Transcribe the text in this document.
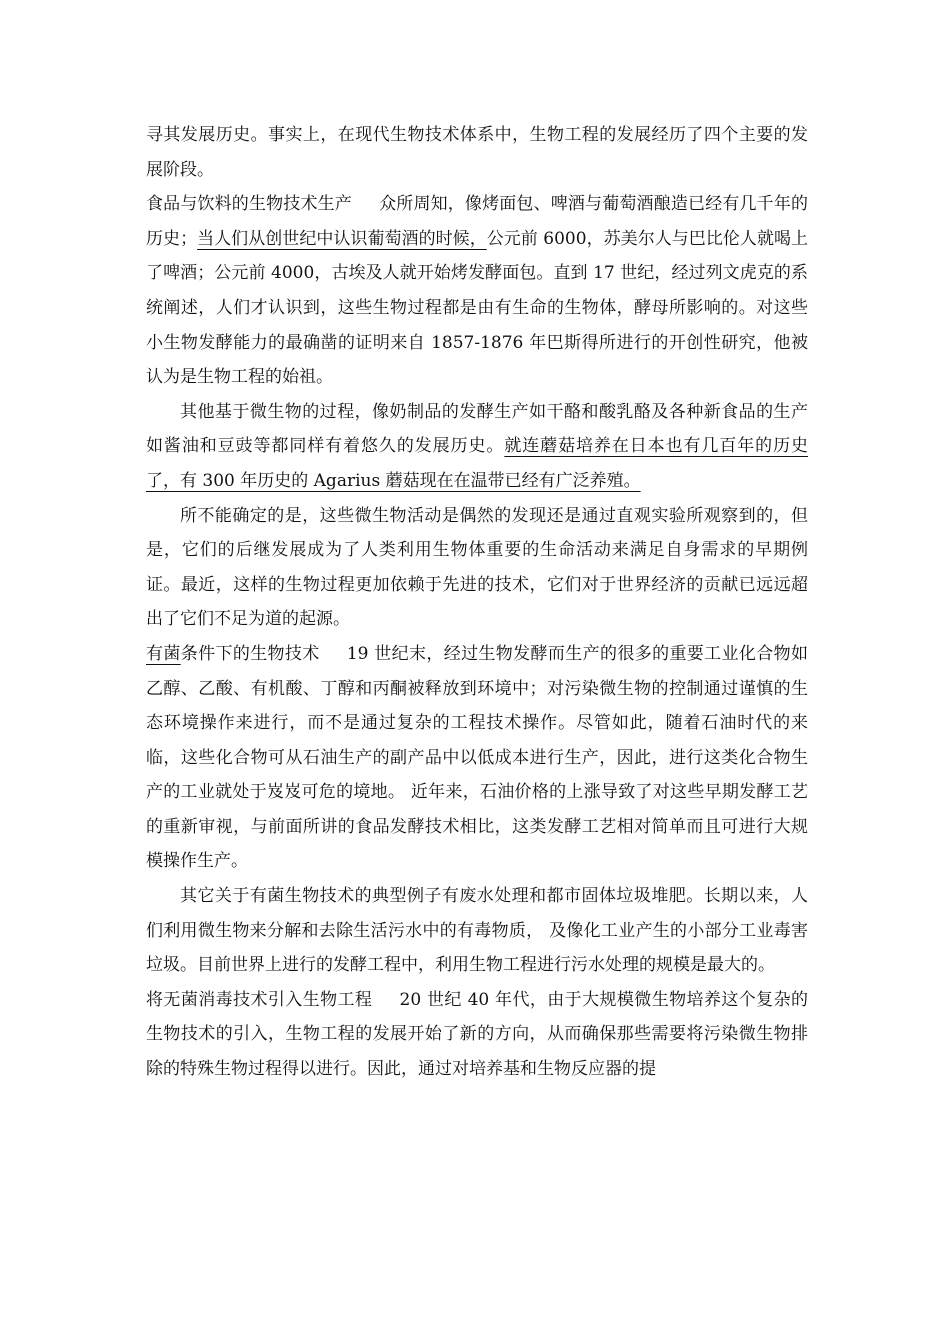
寻其发展历史。事实上，在现代生物技术体系中，生物工程的发展经历了四个主要的发展阶段。

食品与饮料的生物技术生产 众所周知，像烤面包、啤酒与葡萄酒酿造已经有几千年的历史；当人们从创世纪中认识葡萄酒的时候，公元前 6000，苏美尔人与巴比伦人就喝上了啤酒；公元前 4000，古埃及人就开始烤发酵面包。直到 17 世纪，经过列文虎克的系统阐述，人们才认识到，这些生物过程都是由有生命的生物体，酵母所影响的。对这些小生物发酵能力的最确凿的证明来自 1857-1876 年巴斯得所进行的开创性研究，他被认为是生物工程的始祖。

其他基于微生物的过程，像奶制品的发酵生产如干酪和酸乳酪及各种新食品的生产如酱油和豆豉等都同样有着悠久的发展历史。就连蘑菇培养在日本也有几百年的历史了，有 300 年历史的 Agarius 蘑菇现在在温带已经有广泛养殖。

所不能确定的是，这些微生物活动是偶然的发现还是通过直观实验所观察到的，但是，它们的后继发展成为了人类利用生物体重要的生命活动来满足自身需求的早期例证。最近，这样的生物过程更加依赖于先进的技术，它们对于世界经济的贡献已远远超出了它们不足为道的起源。

有菌条件下的生物技术 19 世纪末，经过生物发酵而生产的很多的重要工业化合物如乙醇、乙酸、有机酸、丁醇和丙酮被释放到环境中；对污染微生物的控制通过谨慎的生态环境操作来进行，而不是通过复杂的工程技术操作。尽管如此，随着石油时代的来临，这些化合物可从石油生产的副产品中以低成本进行生产，因此，进行这类化合物生产的工业就处于岌岌可危的境地。 近年来，石油价格的上涨导致了对这些早期发酵工艺的重新审视，与前面所讲的食品发酵技术相比，这类发酵工艺相对简单而且可进行大规模操作生产。

其它关于有菌生物技术的典型例子有废水处理和都市固体垃圾堆肥。长期以来，人们利用微生物来分解和去除生活污水中的有毒物质， 及像化工业产生的小部分工业毒害垃圾。目前世界上进行的发酵工程中，利用生物工程进行污水处理的规模是最大的。

将无菌消毒技术引入生物工程 20 世纪 40 年代，由于大规模微生物培养这个复杂的生物技术的引入，生物工程的发展开始了新的方向，从而确保那些需要将污染微生物排除的特殊生物过程得以进行。因此，通过对培养基和生物反应器的提
